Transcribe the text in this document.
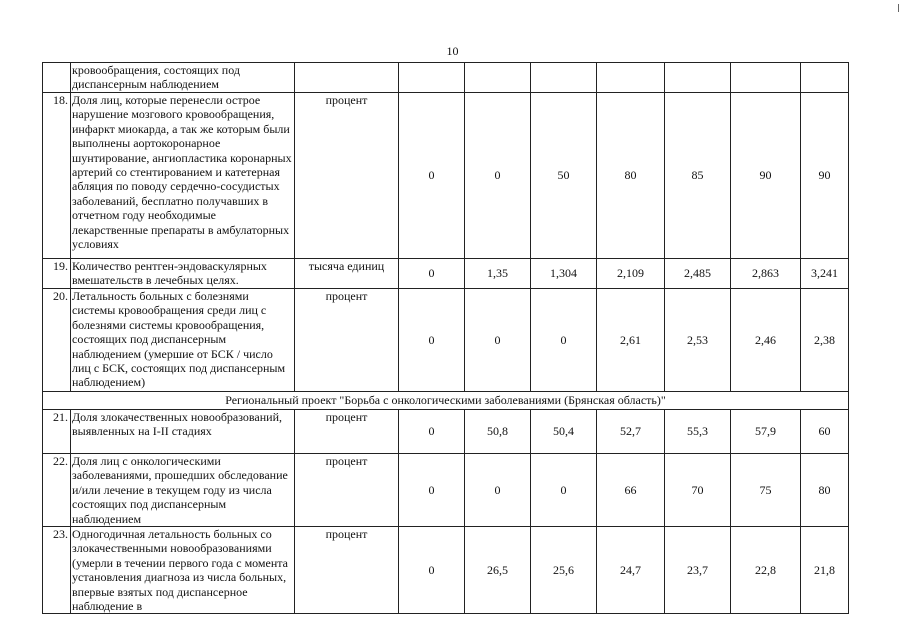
10
	кровообращения, состоящих под диспансерным наблюдением								
18.	Доля лиц, которые перенесли острое нарушение мозгового кровообращения, инфаркт миокарда, а так же которым были выполнены аортокоронарное шунтирование, ангиопластика коронарных артерий со стентированием и катетерная абляция по поводу сердечно-сосудистых заболеваний, бесплатно получавших в отчетном году необходимые лекарственные препараты в амбулаторных условиях	процент	0	0	50	80	85	90	90
19.	Количество рентген-эндоваскулярных вмешательств в лечебных целях.	тысяча единиц	0	1,35	1,304	2,109	2,485	2,863	3,241
20.	Летальность больных с болезнями системы кровообращения среди лиц с болезнями системы кровообращения, состоящих под диспансерным наблюдением (умершие от БСК / число лиц с БСК, состоящих под диспансерным наблюдением)	процент	0	0	0	2,61	2,53	2,46	2,38
Региональный проект "Борьба с онкологическими заболеваниями (Брянская область)"									
21.	Доля злокачественных новообразований, выявленных на I-II стадиях	процент	0	50,8	50,4	52,7	55,3	57,9	60
22.	Доля лиц с онкологическими заболеваниями, прошедших обследование и/или лечение в текущем году из числа состоящих под диспансерным наблюдением	процент	0	0	0	66	70	75	80
23.	Одногодичная летальность больных со злокачественными новообразованиями (умерли в течении первого года с момента установления диагноза из числа больных, впервые взятых под диспансерное наблюдение в	процент	0	26,5	25,6	24,7	23,7	22,8	21,8
